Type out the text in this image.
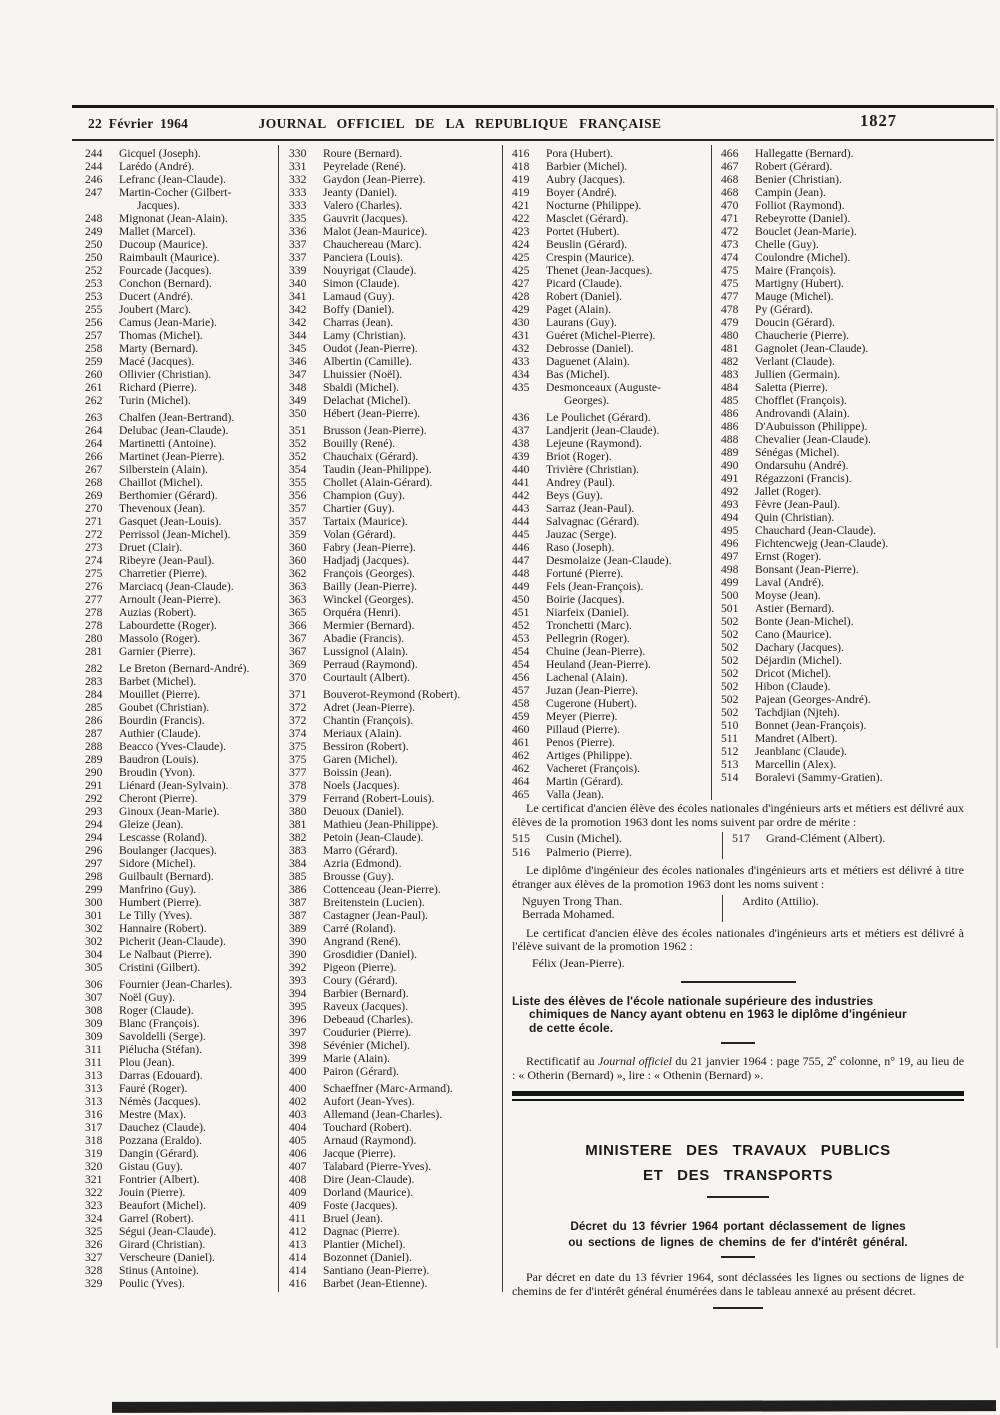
22 Février 1964	JOURNAL OFFICIEL DE LA REPUBLIQUE FRANÇAISE	1827
244	Gicquel (Joseph).
244	Larédo (André).
246	Lefranc (Jean-Claude).
247	Martin-Cocher (Gilbert-
Jacques).
248	Mignonat (Jean-Alain).
249	Mallet (Marcel).
250	Ducoup (Maurice).
250	Raimbault (Maurice).
252	Fourcade (Jacques).
253	Conchon (Bernard).
253	Ducert (André).
255	Joubert (Marc).
256	Camus (Jean-Marie).
257	Thomas (Michel).
258	Marty (Bernard).
259	Macé (Jacques).
260	Ollivier (Christian).
261	Richard (Pierre).
262	Turin (Michel).
263	Chalfen (Jean-Bertrand).
264	Delubac (Jean-Claude).
264	Martinetti (Antoine).
266	Martinet (Jean-Pierre).
267	Silberstein (Alain).
268	Chaillot (Michel).
269	Berthomier (Gérard).
270	Thevenoux (Jean).
271	Gasquet (Jean-Louis).
272	Perrissol (Jean-Michel).
273	Druet (Clair).
274	Ribeyre (Jean-Paul).
275	Charretier (Pierre).
276	Marciacq (Jean-Claude).
277	Arnoult (Jean-Pierre).
278	Auzias (Robert).
278	Labourdette (Roger).
280	Massolo (Roger).
281	Garnier (Pierre).
282	Le Breton (Bernard-André).
283	Barbet (Michel).
284	Mouillet (Pierre).
285	Goubet (Christian).
286	Bourdin (Francis).
287	Authier (Claude).
288	Beacco (Yves-Claude).
289	Baudron (Louis).
290	Broudin (Yvon).
291	Liénard (Jean-Sylvain).
292	Cheront (Pierre).
293	Ginoux (Jean-Marie).
294	Gleize (Jean).
294	Lescasse (Roland).
296	Boulanger (Jacques).
297	Sidore (Michel).
298	Guilbault (Bernard).
299	Manfrino (Guy).
300	Humbert (Pierre).
301	Le Tilly (Yves).
302	Hannaire (Robert).
302	Picherit (Jean-Claude).
304	Le Nalbaut (Pierre).
305	Cristini (Gilbert).
306	Fournier (Jean-Charles).
307	Noël (Guy).
308	Roger (Claude).
309	Blanc (François).
309	Savoldelli (Serge).
311	Piélucha (Stéfan).
311	Plou (Jean).
313	Darras (Edouard).
313	Fauré (Roger).
313	Némès (Jacques).
316	Mestre (Max).
317	Dauchez (Claude).
318	Pozzana (Eraldo).
319	Dangin (Gérard).
320	Gistau (Guy).
321	Fontrier (Albert).
322	Jouin (Pierre).
323	Beaufort (Michel).
324	Garrel (Robert).
325	Ségui (Jean-Claude).
326	Girard (Christian).
327	Verscheure (Daniel).
328	Stinus (Antoine).
329	Poulic (Yves).
330	Roure (Bernard).
331	Peyrelade (René).
332	Gaydon (Jean-Pierre).
333	Jeanty (Daniel).
333	Valero (Charles).
335	Gauvrit (Jacques).
336	Malot (Jean-Maurice).
337	Chauchereau (Marc).
337	Panciera (Louis).
339	Nouyrigat (Claude).
340	Simon (Claude).
341	Lamaud (Guy).
342	Boffy (Daniel).
342	Charras (Jean).
344	Lamy (Christian).
345	Oudot (Jean-Pierre).
346	Albertin (Camille).
347	Lhuissier (Noël).
348	Sbaldi (Michel).
349	Delachat (Michel).
350	Hébert (Jean-Pierre).
351	Brusson (Jean-Pierre).
352	Bouilly (René).
352	Chauchaix (Gérard).
354	Taudin (Jean-Philippe).
355	Chollet (Alain-Gérard).
356	Champion (Guy).
357	Chartier (Guy).
357	Tartaix (Maurice).
359	Volan (Gérard).
360	Fabry (Jean-Pierre).
360	Hadjadj (Jacques).
362	François (Georges).
363	Bailly (Jean-Pierre).
363	Winckel (Georges).
365	Orquéra (Henri).
366	Mermier (Bernard).
367	Abadie (Francis).
367	Lussignol (Alain).
369	Perraud (Raymond).
370	Courtault (Albert).
371	Bouverot-Reymond (Robert).
372	Adret (Jean-Pierre).
372	Chantin (François).
374	Meriaux (Alain).
375	Bessiron (Robert).
375	Garen (Michel).
377	Boissin (Jean).
378	Noels (Jacques).
379	Ferrand (Robert-Louis).
380	Deuoux (Daniel).
381	Mathieu (Jean-Philippe).
382	Petoin (Jean-Claude).
383	Marro (Gérard).
384	Azria (Edmond).
385	Brousse (Guy).
386	Cottenceau (Jean-Pierre).
387	Breitenstein (Lucien).
387	Castagner (Jean-Paul).
389	Carré (Roland).
390	Angrand (René).
390	Grosdidier (Daniel).
392	Pigeon (Pierre).
393	Coury (Gérard).
394	Barbier (Bernard).
395	Raveux (Jacques).
396	Debeaud (Charles).
397	Coudurier (Pierre).
398	Sévénier (Michel).
399	Marie (Alain).
400	Pairon (Gérard).
400	Schaeffner (Marc-Armand).
402	Aufort (Jean-Yves).
403	Allemand (Jean-Charles).
404	Touchard (Robert).
405	Arnaud (Raymond).
406	Jacque (Pierre).
407	Talabard (Pierre-Yves).
408	Dire (Jean-Claude).
409	Dorland (Maurice).
409	Foste (Jacques).
411	Bruel (Jean).
412	Dagnac (Pierre).
413	Plantier (Michel).
414	Bozonnet (Daniel).
414	Santiano (Jean-Pierre).
416	Barbet (Jean-Etienne).
416	Pora (Hubert).
418	Barbier (Michel).
419	Aubry (Jacques).
419	Boyer (André).
421	Nocturne (Philippe).
422	Masclet (Gérard).
423	Portet (Hubert).
424	Beuslin (Gérard).
425	Crespin (Maurice).
425	Thenet (Jean-Jacques).
427	Picard (Claude).
428	Robert (Daniel).
429	Paget (Alain).
430	Laurans (Guy).
431	Guéret (Michel-Pierre).
432	Debrosse (Daniel).
433	Daguenet (Alain).
434	Bas (Michel).
435	Desmonceaux (Auguste-
Georges).
436	Le Poulichet (Gérard).
437	Landjerit (Jean-Claude).
438	Lejeune (Raymond).
439	Briot (Roger).
440	Trivière (Christian).
441	Andrey (Paul).
442	Beys (Guy).
443	Sarraz (Jean-Paul).
444	Salvagnac (Gérard).
445	Jauzac (Serge).
446	Raso (Joseph).
447	Desmolaize (Jean-Claude).
448	Fortuné (Pierre).
449	Fels (Jean-François).
450	Boirie (Jacques).
451	Niarfeix (Daniel).
452	Tronchetti (Marc).
453	Pellegrin (Roger).
454	Chuine (Jean-Pierre).
454	Heuland (Jean-Pierre).
456	Lachenal (Alain).
457	Juzan (Jean-Pierre).
458	Cugerone (Hubert).
459	Meyer (Pierre).
460	Pillaud (Pierre).
461	Penos (Pierre).
462	Artiges (Philippe).
462	Vacheret (François).
464	Martin (Gérard).
465	Valla (Jean).
466	Hallegatte (Bernard).
467	Robert (Gérard).
468	Benier (Christian).
468	Campin (Jean).
470	Folliot (Raymond).
471	Rebeyrotte (Daniel).
472	Bouclet (Jean-Marie).
473	Chelle (Guy).
474	Coulondre (Michel).
475	Maire (François).
475	Martigny (Hubert).
477	Mauge (Michel).
478	Py (Gérard).
479	Doucin (Gérard).
480	Chaucherie (Pierre).
481	Gagnolet (Jean-Claude).
482	Verlant (Claude).
483	Jullien (Germain).
484	Saletta (Pierre).
485	Chofflet (François).
486	Androvandi (Alain).
486	D'Aubuisson (Philippe).
488	Chevalier (Jean-Claude).
489	Sénégas (Michel).
490	Ondarsuhu (André).
491	Régazzoni (Francis).
492	Jallet (Roger).
493	Fèvre (Jean-Paul).
494	Quin (Christian).
495	Chauchard (Jean-Claude).
496	Fichtencwejg (Jean-Claude).
497	Ernst (Roger).
498	Bonsant (Jean-Pierre).
499	Laval (André).
500	Moyse (Jean).
501	Astier (Bernard).
502	Bonte (Jean-Michel).
502	Cano (Maurice).
502	Dachary (Jacques).
502	Déjardin (Michel).
502	Dricot (Michel).
502	Hibon (Claude).
502	Pajean (Georges-André).
502	Tachdjian (Njteh).
510	Bonnet (Jean-François).
511	Mandret (Albert).
512	Jeanblanc (Claude).
513	Marcellin (Alex).
514	Boralevi (Sammy-Gratien).

Le certificat d'ancien élève des écoles nationales d'ingénieurs arts et métiers est délivré aux élèves de la promotion 1963 dont les noms suivent par ordre de mérite :

515	Cusin (Michel).
516	Palmerio (Pierre).
517	Grand-Clément (Albert).

Le diplôme d'ingénieur des écoles nationales d'ingénieurs arts et métiers est délivré à titre étranger aux élèves de la promotion 1963 dont les noms suivent :

Nguyen Trong Than.
Berrada Mohamed.
Ardito (Attilio).

Le certificat d'ancien élève des écoles nationales d'ingénieurs arts et métiers est délivré à l'élève suivant de la promotion 1962 :

Félix (Jean-Pierre).
Liste des élèves de l'école nationale supérieure des industries
chimiques de Nancy ayant obtenu en 1963 le diplôme d'ingénieur
de cette école.

Rectificatif au Journal officiel du 21 janvier 1964 : page 755, 2e colonne, n° 19, au lieu de : « Otherin (Bernard) », lire : « Othenin (Bernard) ».

MINISTERE DES TRAVAUX PUBLICS
ET DES TRANSPORTS
Décret du 13 février 1964 portant déclassement de lignes
ou sections de lignes de chemins de fer d'intérêt général.

Par décret en date du 13 février 1964, sont déclassées les lignes ou sections de lignes de chemins de fer d'intérêt général énumérées dans le tableau annexé au présent décret.
